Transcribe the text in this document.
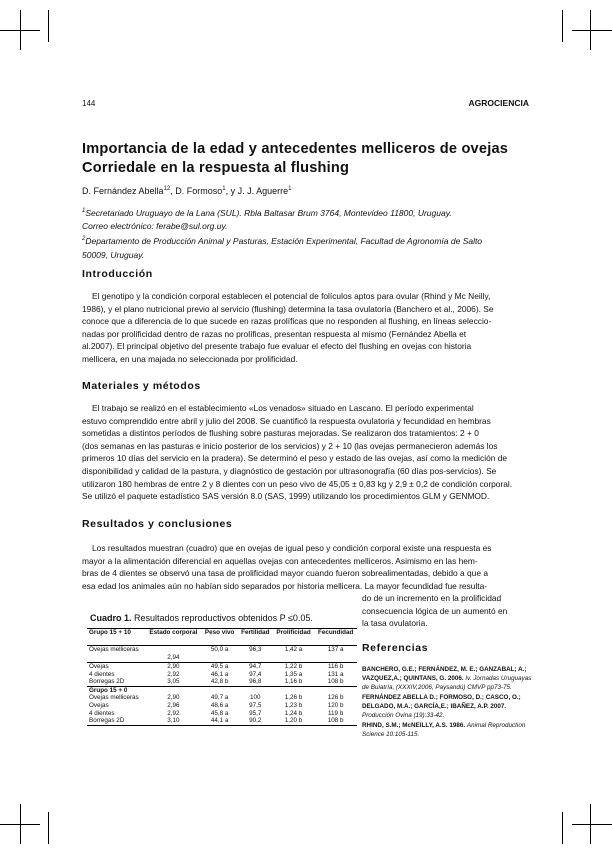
144	AGROCIENCIA
Importancia de la edad y antecedentes melliceros de ovejas
Corriedale en la respuesta al flushing
D. Fernández Abella$^{12}$, D. Formoso$^1$, y J. J. Aguerre$^1$
$^1$Secretariado Uruguayo de la Lana (SUL). Rbla Baltasar Brum 3764, Montevideo 11800, Uruguay.
Correo electrónico: ferabe@sul.org.uy.
$^2$Departamento de Producción Animal y Pasturas, Estación Experimental, Facultad de Agronomía de Salto
50009, Uruguay.
Introducción
El genotipo y la condición corporal establecen el potencial de folículos aptos para ovular (Rhind y Mc Neilly,
1986), y el plano nutricional previo al servicio (flushing) determina la tasa ovulatoria (Banchero et al., 2006). Se
conoce que a diferencia de lo que sucede en razas prolíficas que no responden al flushing, en líneas seleccio-
nadas por prolificidad dentro de razas no prolíficas, presentan respuesta al mismo (Fernández Abella et
al.2007). El principal objetivo del presente trabajo fue evaluar el efecto del flushing en ovejas con historia
mellicera, en una majada no seleccionada por prolificidad.
Materiales y métodos
El trabajo se realizó en el establecimiento «Los venados» situado en Lascano. El período experimental
estuvo comprendido entre abril y julio del 2008. Se cuantificó la respuesta ovulatoria y fecundidad en hembras
sometidas a distintos períodos de flushing sobre pasturas mejoradas. Se realizaron dos tratamientos: 2 + 0
(dos semanas en las pasturas e inicio posterior de los servicios) y 2 + 10 (las ovejas permanecieron además los
primeros 10 días del servicio en la pradera). Se determinó el peso y estado de las ovejas, así como la medición de
disponibilidad y calidad de la pastura, y diagnóstico de gestación por ultrasonografía (60 días pos-servicios). Se
utilizaron 180 hembras de entre 2 y 8 dientes con un peso vivo de 45,05 ± 0,83 kg y 2,9 ± 0,2 de condición corporal.
Se utilizó el paquete estadístico SAS versión 8.0 (SAS, 1999) utilizando los procedimientos GLM y GENMOD.
Resultados y conclusiones
Los resultados muestran (cuadro) que en ovejas de igual peso y condición corporal existe una respuesta es
mayor a la alimentación diferencial en aquellas ovejas con antecedentes melliceros. Asimismo en las hem-
bras de 4 dientes se observó una tasa de prolificidad mayor cuando fueron sobrealimentadas, debido a que a
esa edad los animales aún no habían sido separados por historia mellicera. La mayor fecundidad fue resulta-
do de un incremento en la prolificidad
consecuencia lógica de un aumentó en
la tasa ovulatoria.
Cuadro 1. Resultados reproductivos obtenidos P ≤0.05.
Grupo 15 + 10	Estado corporal	Peso vivo	Fertilidad	Prolificidad	Fecundidad
Ovejas melliceras	2,94	50,0 a	96,3	1,42 a	137 a
Ovejas	2,90	49,5 a	94,7	1,22 b	116 b
4 dientes	2,92	46,1 a	97,4	1,35 a	131 a
Borregas 2D	3,05	42,8 b	96,8	1,16 b	108 b
Grupo 15 + 0					
Ovejas melliceras	2,90	49,7 a	100	1,26 b	126 b
Ovejas	2,96	48,6 a	97,5	1,23 b	120 b
4 dientes	2,92	45,8 a	95,7	1,24 b	119 b
Borregas 2D	3,10	44,1 a	90,2	1,20 b	108 b
Referencias

BANCHERO, G.E.; FERNÁNDEZ, M. E.; GANZABAL; A.; VAZQUEZ,A.; QUINTANS, G. 2006. Iv. Jornadas Uruguayas de Buiatría, (XXXIV,2006, Paysandú) CMVP pp73-75.

FERNÁNDEZ ABELLA D.; FORMOSO, D.; CASCO, O.; DELGADO, M.A.; GARCÍA,E.; IBAÑEZ, A.P. 2007. Producción Ovina (19):33-42.

RHIND, S.M.; McNEILLY, A.S. 1986. Animal Reproduction Science 10:105-115.
